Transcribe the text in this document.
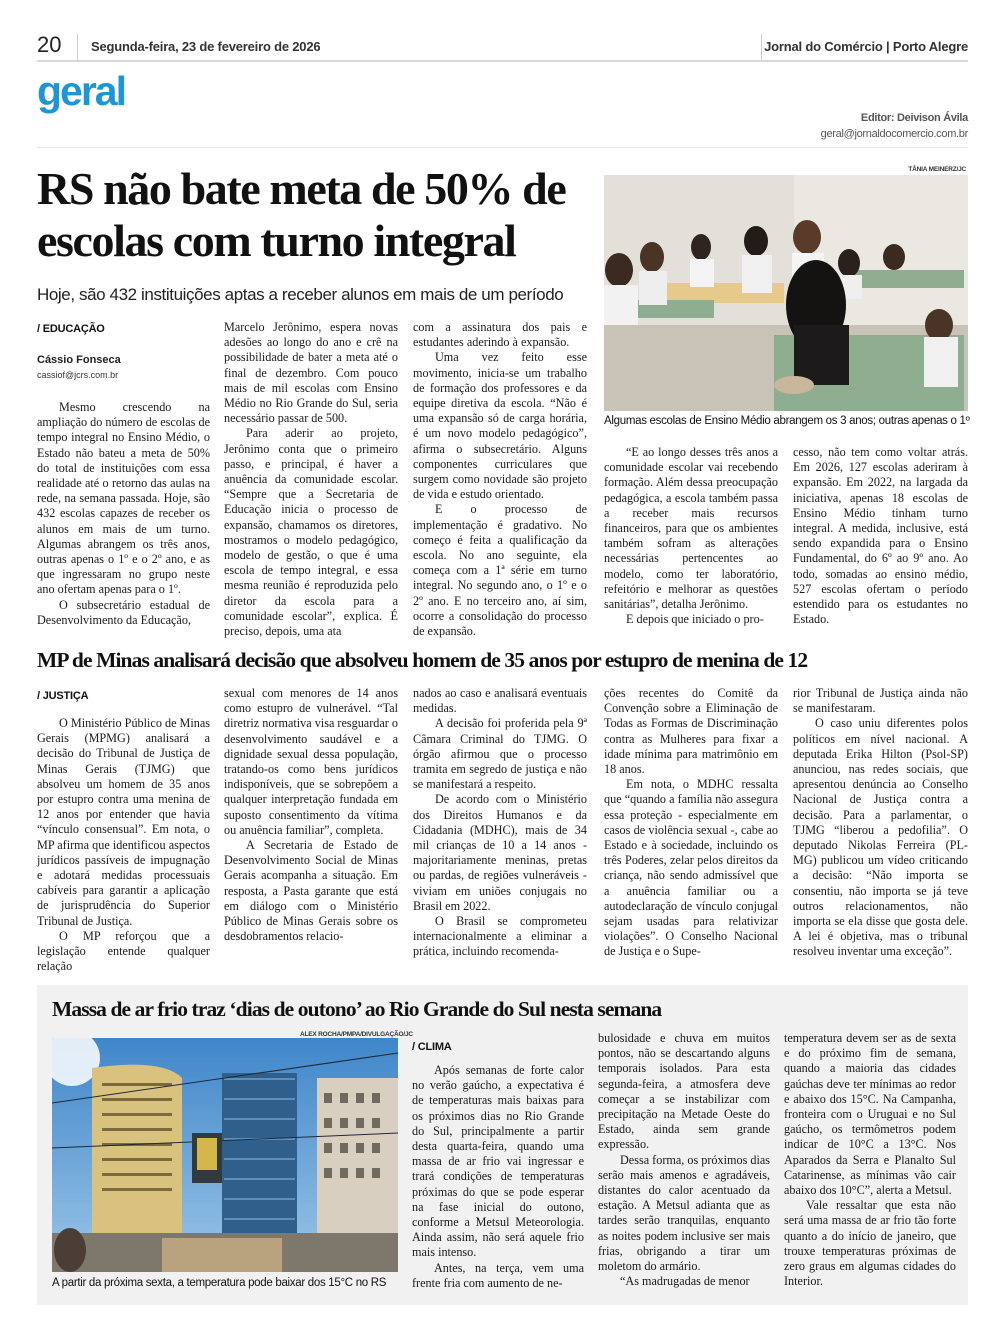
20 Segunda-feira, 23 de fevereiro de 2026	Jornal do Comércio | Porto Alegre
geral
Editor: Deivison Ávila
geral@jornaldocomercio.com.br
RS não bate meta de 50% de escolas com turno integral
Hoje, são 432 instituições aptas a receber alunos em mais de um período
/ EDUCAÇÃO
Cássio Fonseca
cassiof@jcrs.com.br

Mesmo crescendo na ampliação do número de escolas de tempo integral no Ensino Médio, o Estado não bateu a meta de 50% do total de instituições com essa realidade até o retorno das aulas na rede, na semana passada. Hoje, são 432 escolas capazes de receber os alunos em mais de um turno. Algumas abrangem os três anos, outras apenas o 1º e o 2º ano, e as que ingressaram no grupo neste ano ofertam apenas para o 1º.

O subsecretário estadual de Desenvolvimento da Educação,

Marcelo Jerônimo, espera novas adesões ao longo do ano e crê na possibilidade de bater a meta até o final de dezembro. Com pouco mais de mil escolas com Ensino Médio no Rio Grande do Sul, seria necessário passar de 500.

Para aderir ao projeto, Jerônimo conta que o primeiro passo, e principal, é haver a anuência da comunidade escolar. “Sempre que a Secretaria de Educação inicia o processo de expansão, chamamos os diretores, mostramos o modelo pedagógico, modelo de gestão, o que é uma escola de tempo integral, e essa mesma reunião é reproduzida pelo diretor da escola para a comunidade escolar”, explica. É preciso, depois, uma ata

com a assinatura dos pais e estudantes aderindo à expansão.

Uma vez feito esse movimento, inicia-se um trabalho de formação dos professores e da equipe diretiva da escola. “Não é uma expansão só de carga horária, é um novo modelo pedagógico”, afirma o subsecretário. Alguns componentes curriculares que surgem como novidade são projeto de vida e estudo orientado.

E o processo de implementação é gradativo. No começo é feita a qualificação da escola. No ano seguinte, ela começa com a 1ª série em turno integral. No segundo ano, o 1º e o 2º ano. E no terceiro ano, aí sim, ocorre a consolidação do processo de expansão.

TÂNIA MEINERZ/JC
Algumas escolas de Ensino Médio abrangem os 3 anos; outras apenas o 1º

“E ao longo desses três anos a comunidade escolar vai recebendo formação. Além dessa preocupação pedagógica, a escola também passa a receber mais recursos financeiros, para que os ambientes também sofram as alterações necessárias pertencentes ao modelo, como ter laboratório, refeitório e melhorar as questões sanitárias”, detalha Jerônimo.

E depois que iniciado o pro-

cesso, não tem como voltar atrás. Em 2026, 127 escolas aderiram à expansão. Em 2022, na largada da iniciativa, apenas 18 escolas de Ensino Médio tinham turno integral. A medida, inclusive, está sendo expandida para o Ensino Fundamental, do 6º ao 9º ano. Ao todo, somadas ao ensino médio, 527 escolas ofertam o período estendido para os estudantes no Estado.

MP de Minas analisará decisão que absolveu homem de 35 anos por estupro de menina de 12
/ JUSTIÇA

O Ministério Público de Minas Gerais (MPMG) analisará a decisão do Tribunal de Justiça de Minas Gerais (TJMG) que absolveu um homem de 35 anos por estupro contra uma menina de 12 anos por entender que havia “vínculo consensual”. Em nota, o MP afirma que identificou aspectos jurídicos passíveis de impugnação e adotará medidas processuais cabíveis para garantir a aplicação de jurisprudência do Superior Tribunal de Justiça.

O MP reforçou que a legislação entende qualquer relação

sexual com menores de 14 anos como estupro de vulnerável. “Tal diretriz normativa visa resguardar o desenvolvimento saudável e a dignidade sexual dessa população, tratando-os como bens jurídicos indisponíveis, que se sobrepõem a qualquer interpretação fundada em suposto consentimento da vítima ou anuência familiar”, completa.

A Secretaria de Estado de Desenvolvimento Social de Minas Gerais acompanha a situação. Em resposta, a Pasta garante que está em diálogo com o Ministério Público de Minas Gerais sobre os desdobramentos relacio-

nados ao caso e analisará eventuais medidas.

A decisão foi proferida pela 9ª Câmara Criminal do TJMG. O órgão afirmou que o processo tramita em segredo de justiça e não se manifestará a respeito.

De acordo com o Ministério dos Direitos Humanos e da Cidadania (MDHC), mais de 34 mil crianças de 10 a 14 anos - majoritariamente meninas, pretas ou pardas, de regiões vulneráveis - viviam em uniões conjugais no Brasil em 2022.

O Brasil se comprometeu internacionalmente a eliminar a prática, incluindo recomenda-

ções recentes do Comitê da Convenção sobre a Eliminação de Todas as Formas de Discriminação contra as Mulheres para fixar a idade mínima para matrimônio em 18 anos.

Em nota, o MDHC ressalta que “quando a família não assegura essa proteção - especialmente em casos de violência sexual -, cabe ao Estado e à sociedade, incluindo os três Poderes, zelar pelos direitos da criança, não sendo admissível que a anuência familiar ou a autodeclaração de vínculo conjugal sejam usadas para relativizar violações”. O Conselho Nacional de Justiça e o Supe-

rior Tribunal de Justiça ainda não se manifestaram.

O caso uniu diferentes polos políticos em nível nacional. A deputada Erika Hilton (Psol-SP) anunciou, nas redes sociais, que apresentou denúncia ao Conselho Nacional de Justiça contra a decisão. Para a parlamentar, o TJMG “liberou a pedofilia”. O deputado Nikolas Ferreira (PL-MG) publicou um vídeo criticando a decisão: “Não importa se consentiu, não importa se já teve outros relacionamentos, não importa se ela disse que gosta dele. A lei é objetiva, mas o tribunal resolveu inventar uma exceção”.

Massa de ar frio traz ‘dias de outono’ ao Rio Grande do Sul nesta semana
ALEX ROCHA/PMPA/DIVULGAÇÃO/JC
A partir da próxima sexta, a temperatura pode baixar dos 15°C no RS
/ CLIMA

Após semanas de forte calor no verão gaúcho, a expectativa é de temperaturas mais baixas para os próximos dias no Rio Grande do Sul, principalmente a partir desta quarta-feira, quando uma massa de ar frio vai ingressar e trará condições de temperaturas próximas do que se pode esperar na fase inicial do outono, conforme a Metsul Meteorologia. Ainda assim, não será aquele frio mais intenso.

Antes, na terça, vem uma frente fria com aumento de ne-

bulosidade e chuva em muitos pontos, não se descartando alguns temporais isolados. Para esta segunda-feira, a atmosfera deve começar a se instabilizar com precipitação na Metade Oeste do Estado, ainda sem grande expressão.

Dessa forma, os próximos dias serão mais amenos e agradáveis, distantes do calor acentuado da estação. A Metsul adianta que as tardes serão tranquilas, enquanto as noites podem inclusive ser mais frias, obrigando a tirar um moletom do armário.

“As madrugadas de menor

temperatura devem ser as de sexta e do próximo fim de semana, quando a maioria das cidades gaúchas deve ter mínimas ao redor e abaixo dos 15°C. Na Campanha, fronteira com o Uruguai e no Sul gaúcho, os termômetros podem indicar de 10°C a 13°C. Nos Aparados da Serra e Planalto Sul Catarinense, as mínimas vão cair abaixo dos 10°C”, alerta a Metsul.

Vale ressaltar que esta não será uma massa de ar frio tão forte quanto a do início de janeiro, que trouxe temperaturas próximas de zero graus em algumas cidades do Interior.
